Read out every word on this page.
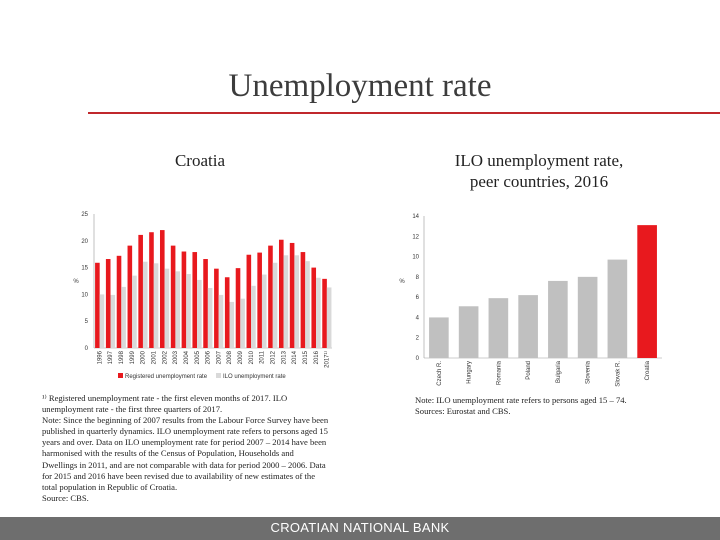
Unemployment rate
Croatia	ILO unemployment rate,
peer countries, 2016
0
5
10
15
20
25
%
1996 1997 1998 1999 2000 2001 2002 2003 2004 2005 2006 2007 2008 2009 2010 2011 2012 2013 2014 2015 2016 2017¹⁾
Registered unemployment rate	ILO unemployment rate
0
2
4
6
8
10
12
14
%
Czech R.	Hungary	Romania	Poland	Bulgaria	Slovenia	Slovak R.	Croatia

¹⁾ Registered unemployment rate - the first eleven months of 2017. ILO

unemployment rate - the first three quarters of 2017.

Note: Since the beginning of 2007 results from the Labour Force Survey have been

published in quarterly dynamics. ILO unemployment rate refers to persons aged 15

years and over. Data on ILO unemployment rate for period 2007 – 2014 have been

harmonised with the results of the Census of Population, Households and

Dwellings in 2011, and are not comparable with data for period 2000 – 2006. Data

for 2015 and 2016 have been revised due to availability of new estimates of the

total population in Republic of Croatia.

Source: CBS.

Note: ILO unemployment rate refers to persons aged 15 – 74.

Sources: Eurostat and CBS.

CROATIAN NATIONAL BANK
